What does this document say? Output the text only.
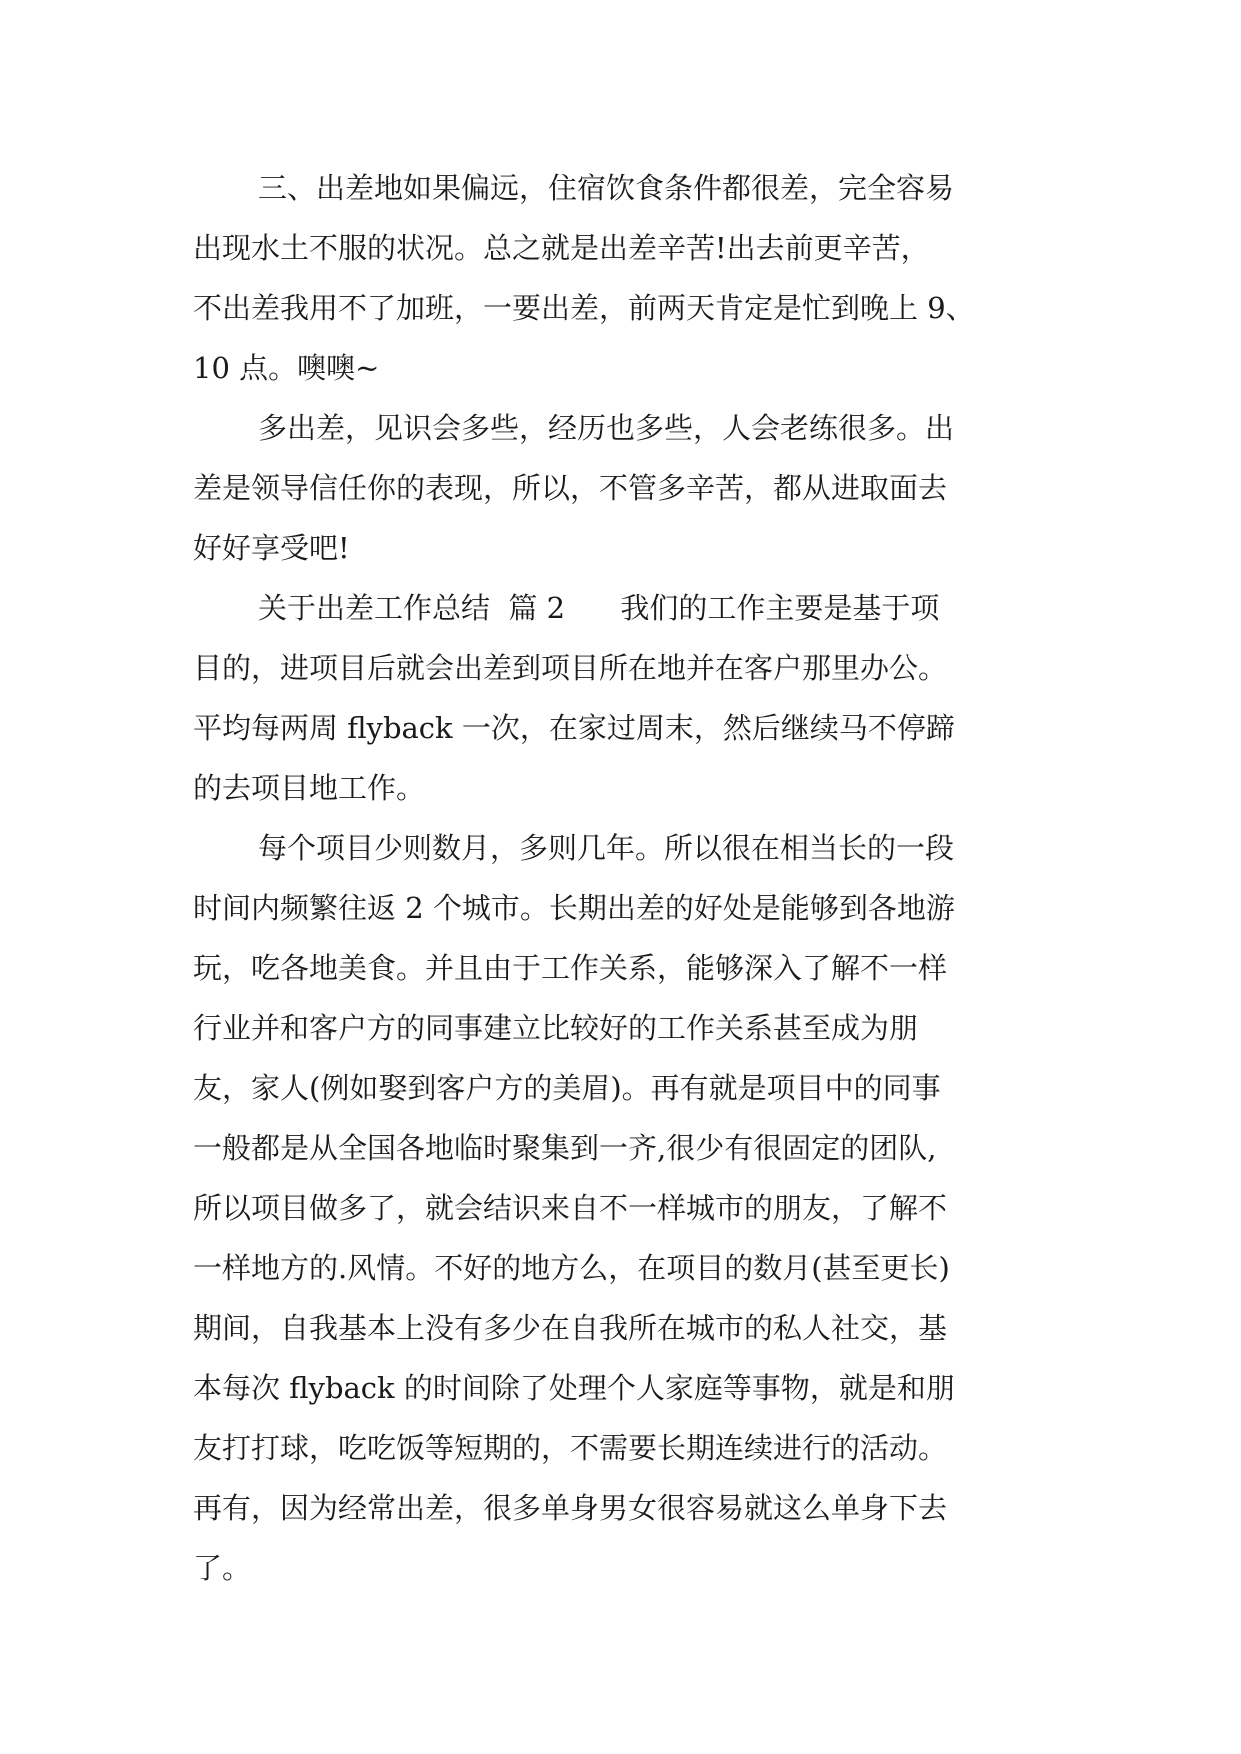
三、出差地如果偏远，住宿饮食条件都很差，完全容易
出现水土不服的状况。总之就是出差辛苦!出去前更辛苦，
不出差我用不了加班，一要出差，前两天肯定是忙到晚上 9、
10 点。噢噢~
多出差，见识会多些，经历也多些，人会老练很多。出
差是领导信任你的表现，所以，不管多辛苦，都从进取面去
好好享受吧!
关于出差工作总结  篇 2      我们的工作主要是基于项
目的，进项目后就会出差到项目所在地并在客户那里办公。
平均每两周 flyback 一次，在家过周末，然后继续马不停蹄
的去项目地工作。
每个项目少则数月，多则几年。所以很在相当长的一段
时间内频繁往返 2 个城市。长期出差的好处是能够到各地游
玩，吃各地美食。并且由于工作关系，能够深入了解不一样
行业并和客户方的同事建立比较好的工作关系甚至成为朋
友，家人(例如娶到客户方的美眉)。再有就是项目中的同事
一般都是从全国各地临时聚集到一齐,很少有很固定的团队,
所以项目做多了，就会结识来自不一样城市的朋友，了解不
一样地方的.风情。不好的地方么，在项目的数月(甚至更长)
期间，自我基本上没有多少在自我所在城市的私人社交，基
本每次 flyback 的时间除了处理个人家庭等事物，就是和朋
友打打球，吃吃饭等短期的，不需要长期连续进行的活动。
再有，因为经常出差，很多单身男女很容易就这么单身下去
了。
